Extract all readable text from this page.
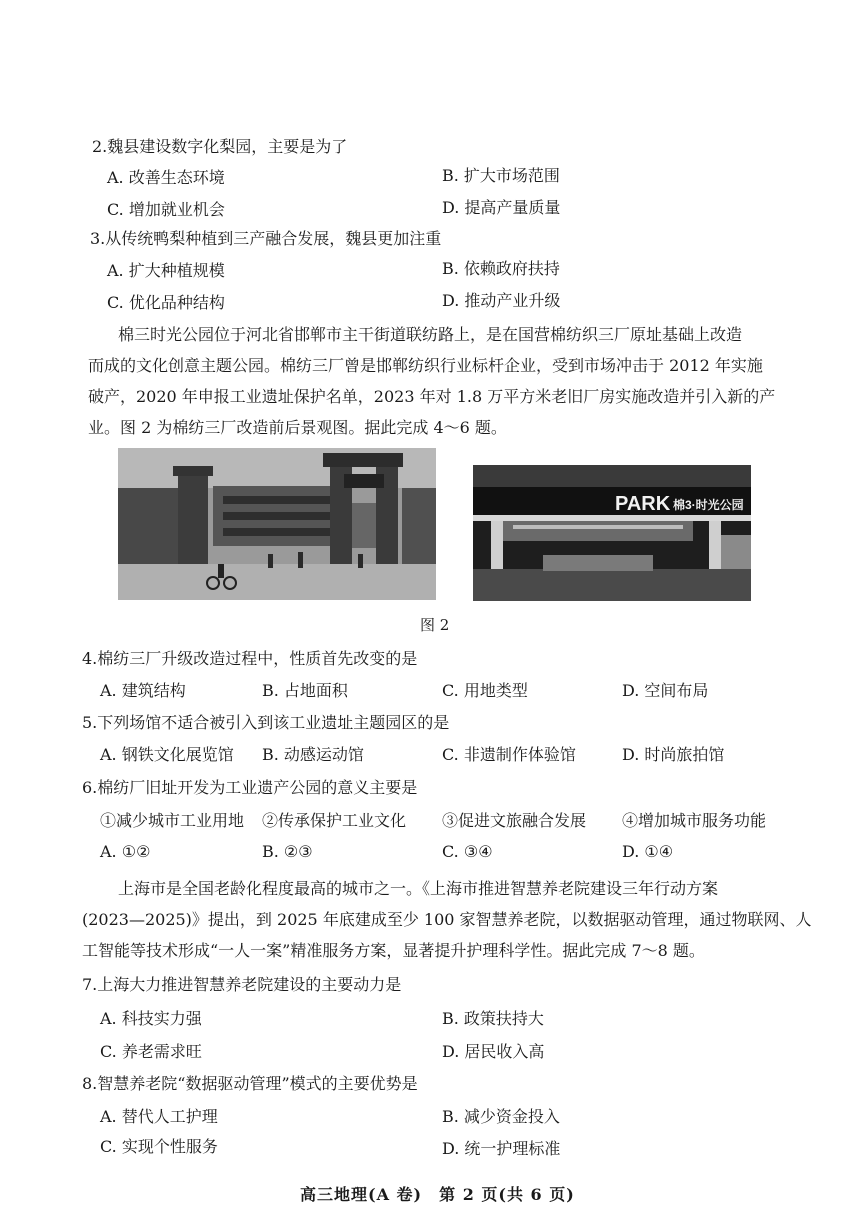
2.魏县建设数字化梨园，主要是为了
A. 改善生态环境	B. 扩大市场范围
C. 增加就业机会	D. 提高产量质量
3.从传统鸭梨种植到三产融合发展，魏县更加注重
A. 扩大种植规模	B. 依赖政府扶持
C. 优化品种结构	D. 推动产业升级
棉三时光公园位于河北省邯郸市主干街道联纺路上，是在国营棉纺织三厂原址基础上改造
而成的文化创意主题公园。棉纺三厂曾是邯郸纺织行业标杆企业，受到市场冲击于 2012 年实施
破产，2020 年申报工业遗址保护名单，2023 年对 1.8 万平方米老旧厂房实施改造并引入新的产
业。图 2 为棉纺三厂改造前后景观图。据此完成 4～6 题。
PARK 棉3·时光公园
图 2
4.棉纺三厂升级改造过程中，性质首先改变的是
A. 建筑结构	B. 占地面积	C. 用地类型	D. 空间布局
5.下列场馆不适合被引入到该工业遗址主题园区的是
A. 钢铁文化展览馆 B. 动感运动馆	C. 非遗制作体验馆	D. 时尚旅拍馆
6.棉纺厂旧址开发为工业遗产公园的意义主要是
①减少城市工业用地 ②传承保护工业文化 ③促进文旅融合发展 ④增加城市服务功能
A. ①②	B. ②③	C. ③④	D. ①④
上海市是全国老龄化程度最高的城市之一。《上海市推进智慧养老院建设三年行动方案
(2023—2025)》提出，到 2025 年底建成至少 100 家智慧养老院，以数据驱动管理，通过物联网、人
工智能等技术形成“一人一案”精准服务方案，显著提升护理科学性。据此完成 7～8 题。
7.上海大力推进智慧养老院建设的主要动力是
A. 科技实力强	B. 政策扶持大
C. 养老需求旺	D. 居民收入高
8.智慧养老院“数据驱动管理”模式的主要优势是
A. 替代人工护理	B. 减少资金投入
C. 实现个性服务	D. 统一护理标准
高三地理(A 卷)　第 2 页(共 6 页)
